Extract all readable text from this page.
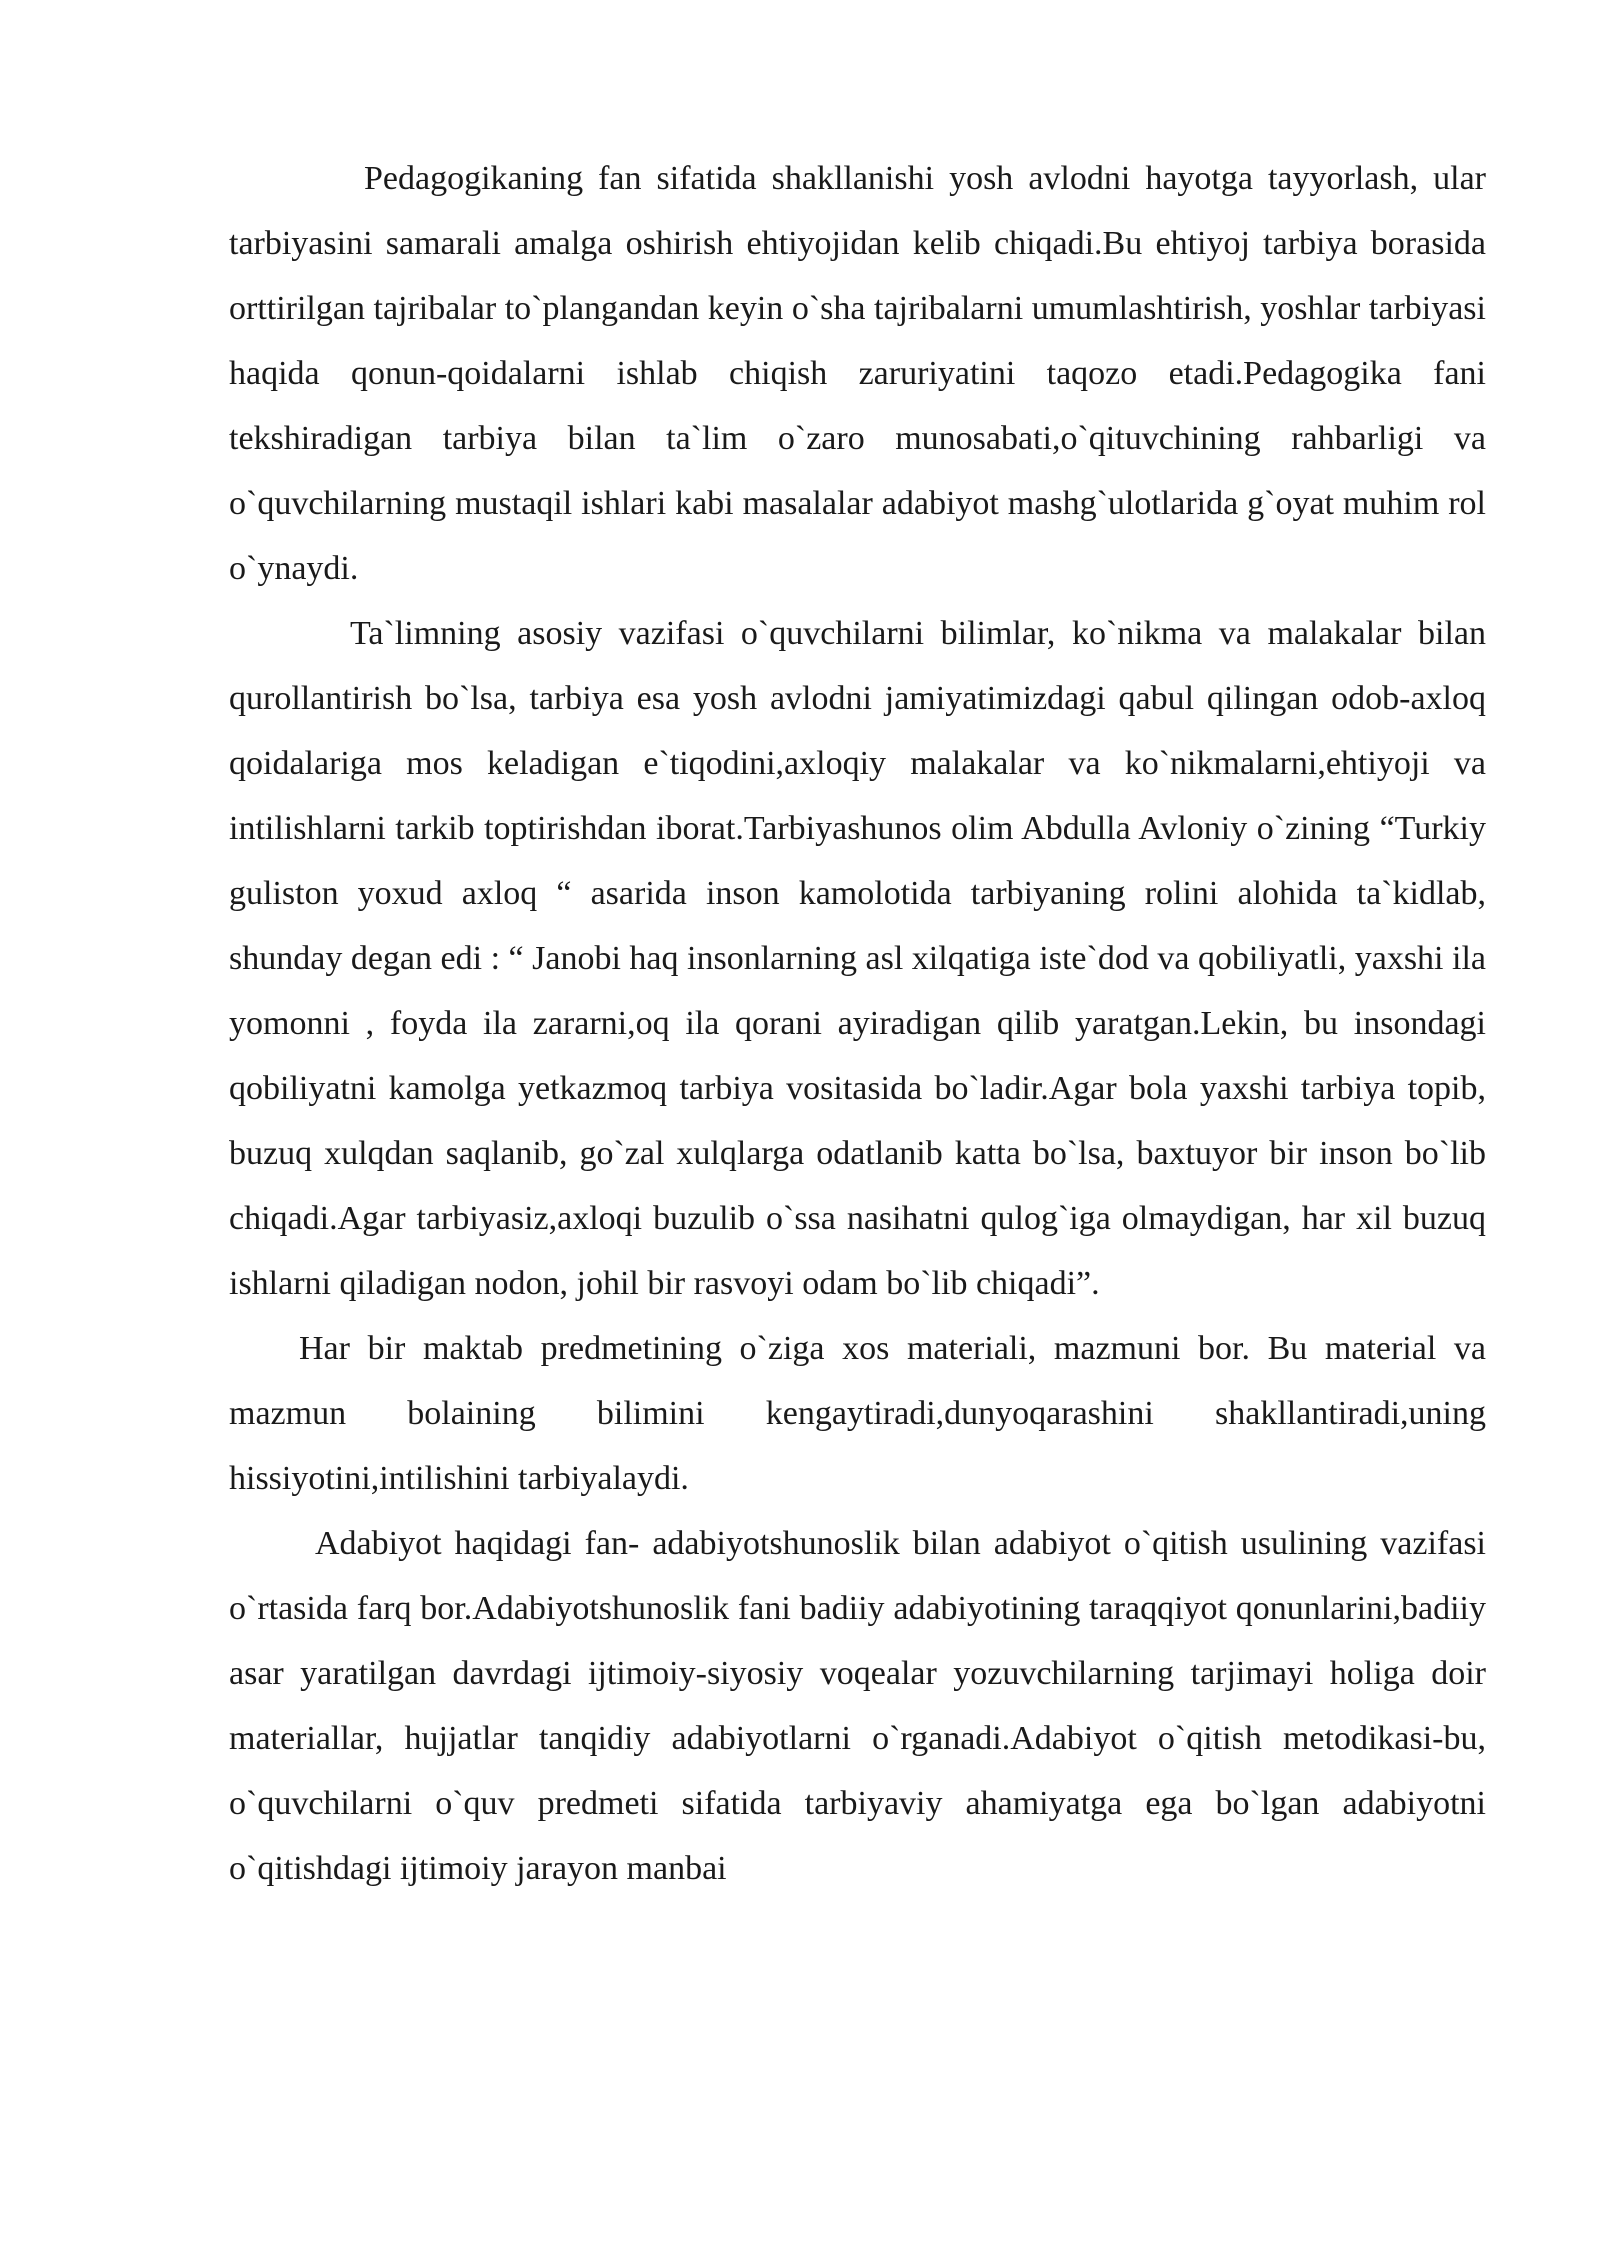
Pedagogikaning fan sifatida shakllanishi yosh avlodni hayotga tayyorlash, ular tarbiyasini samarali amalga oshirish ehtiyojidan kelib chiqadi.Bu ehtiyoj tarbiya borasida orttirilgan tajribalar to`plangandan keyin o`sha tajribalarni umumlashtirish, yoshlar tarbiyasi haqida qonun-qoidalarni ishlab chiqish zaruriyatini taqozo etadi.Pedagogika fani tekshiradigan tarbiya bilan ta`lim o`zaro munosabati,o`qituvchining rahbarligi va o`quvchilarning mustaqil ishlari kabi masalalar adabiyot mashg`ulotlarida g`oyat muhim rol o`ynaydi.

Ta`limning asosiy vazifasi o`quvchilarni bilimlar, ko`nikma va malakalar bilan qurollantirish bo`lsa, tarbiya esa yosh avlodni jamiyatimizdagi qabul qilingan odob-axloq qoidalariga mos keladigan e`tiqodini,axloqiy malakalar va ko`nikmalarni,ehtiyoji va intilishlarni tarkib toptirishdan iborat.Tarbiyashunos olim Abdulla Avloniy o`zining “Turkiy guliston yoxud axloq “ asarida inson kamolotida tarbiyaning rolini alohida ta`kidlab, shunday degan edi : “ Janobi haq insonlarning asl xilqatiga iste`dod va qobiliyatli, yaxshi ila yomonni , foyda ila zararni,oq ila qorani ayiradigan qilib yaratgan.Lekin, bu insondagi qobiliyatni kamolga yetkazmoq tarbiya vositasida bo`ladir.Agar bola yaxshi tarbiya topib, buzuq xulqdan saqlanib, go`zal xulqlarga odatlanib katta bo`lsa, baxtuyor bir inson bo`lib chiqadi.Agar tarbiyasiz,axloqi buzulib o`ssa nasihatni qulog`iga olmaydigan, har xil buzuq ishlarni qiladigan nodon, johil bir rasvoyi odam bo`lib chiqadi”.

Har bir maktab predmetining o`ziga xos materiali, mazmuni bor. Bu material va mazmun bolaining bilimini kengaytiradi,dunyoqarashini shakllantiradi,uning hissiyotini,intilishini tarbiyalaydi.

Adabiyot haqidagi fan- adabiyotshunoslik bilan adabiyot o`qitish usulining vazifasi o`rtasida farq bor.Adabiyotshunoslik fani badiiy adabiyotining taraqqiyot qonunlarini,badiiy asar yaratilgan davrdagi ijtimoiy-siyosiy voqealar yozuvchilarning tarjimayi holiga doir materiallar, hujjatlar tanqidiy adabiyotlarni o`rganadi.Adabiyot o`qitish metodikasi-bu, o`quvchilarni o`quv predmeti sifatida tarbiyaviy ahamiyatga ega bo`lgan adabiyotni o`qitishdagi ijtimoiy jarayon manbai
